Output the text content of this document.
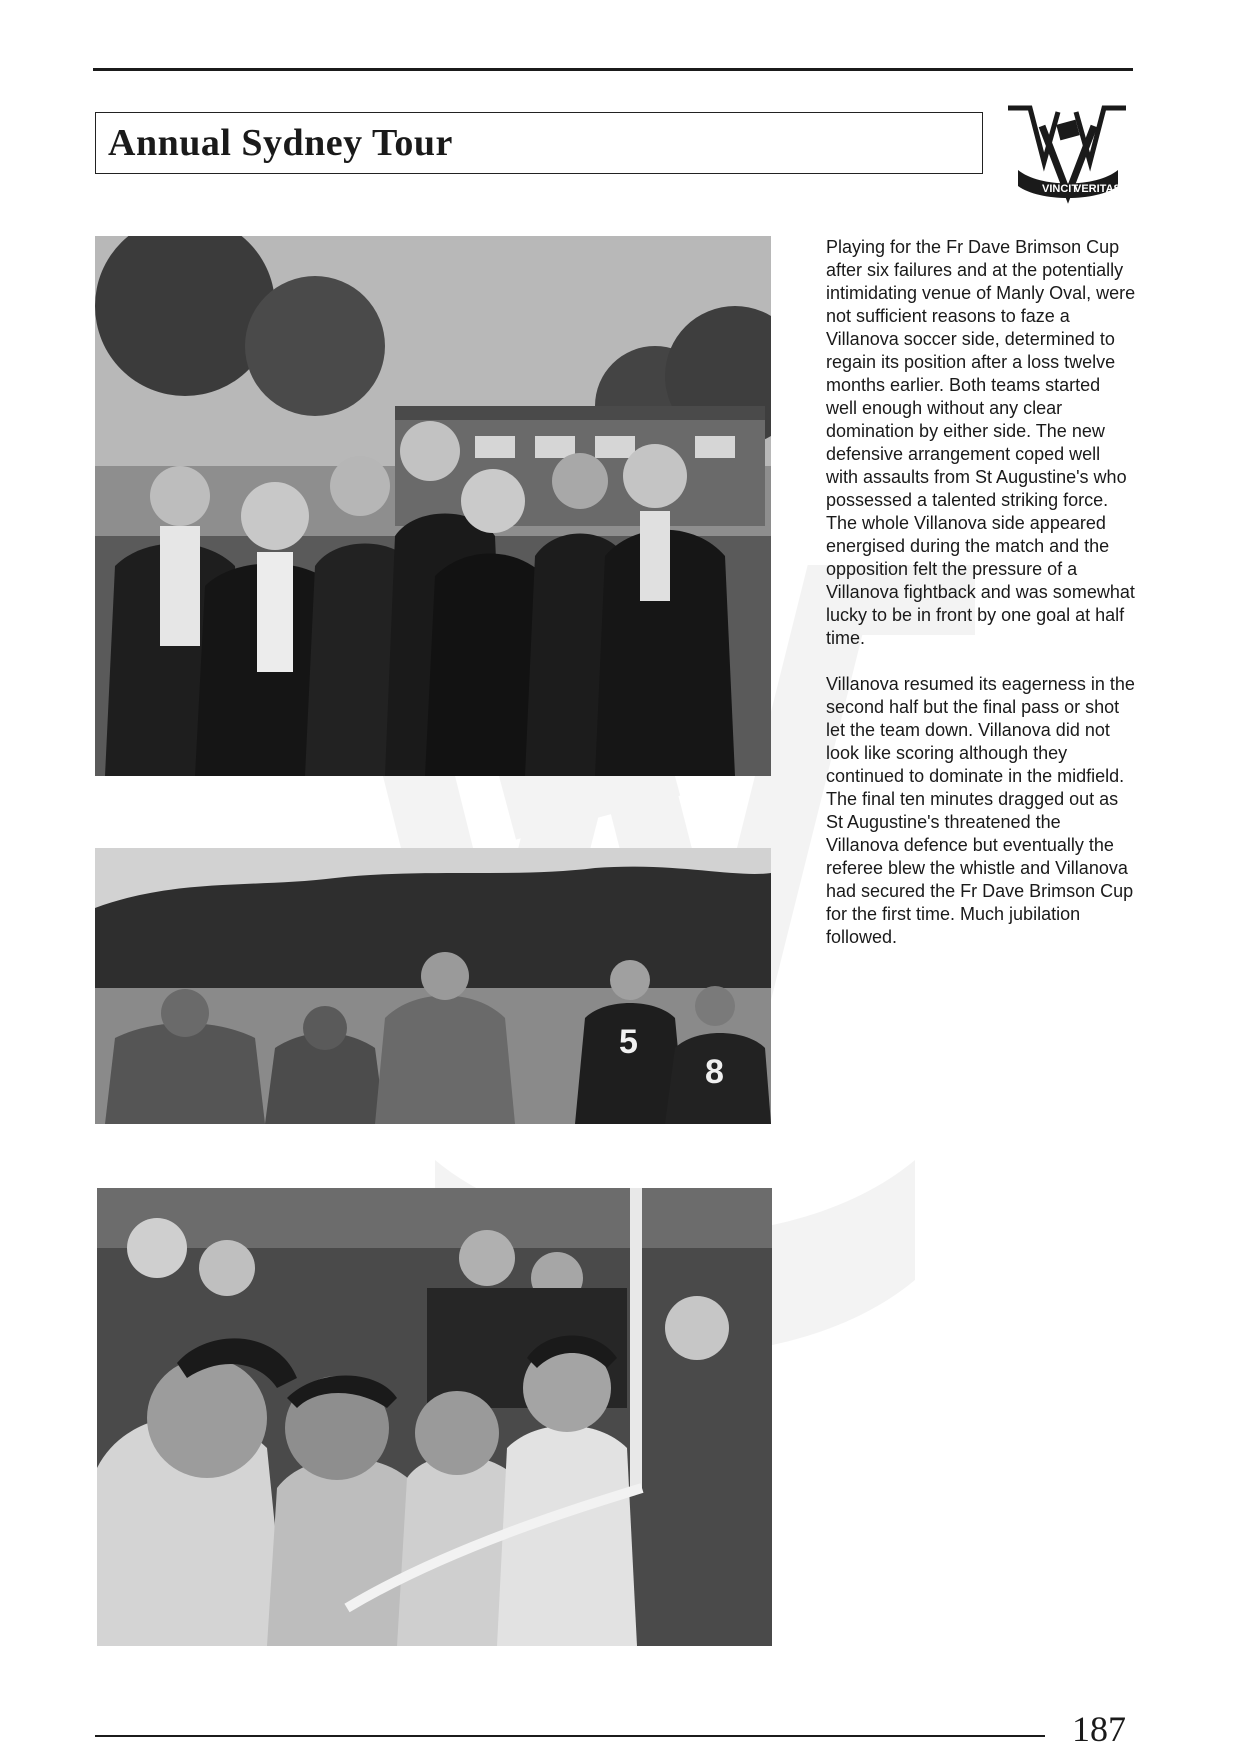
Annual Sydney Tour
VINCIT
VERITAS
5
8

Playing for the Fr Dave Brimson Cup after six failures and at the potentially intimidating venue of Manly Oval, were not sufficient reasons to faze a Villanova soccer side, determined to regain its position after a loss twelve months earlier. Both teams started well enough without any clear domination by either side. The new defensive arrangement coped well with assaults from St Augustine's who possessed a talented striking force. The whole Villanova side appeared energised during the match and the opposition felt the pressure of a Villanova fightback and was somewhat lucky to be in front by one goal at half time.

Villanova resumed its eagerness in the second half but the final pass or shot let the team down. Villanova did not look like scoring although they continued to dominate in the midfield. The final ten minutes dragged out as St Augustine's threatened the Villanova defence but eventually the referee blew the whistle and Villanova had secured the Fr Dave Brimson Cup for the first time. Much jubilation followed.

187
